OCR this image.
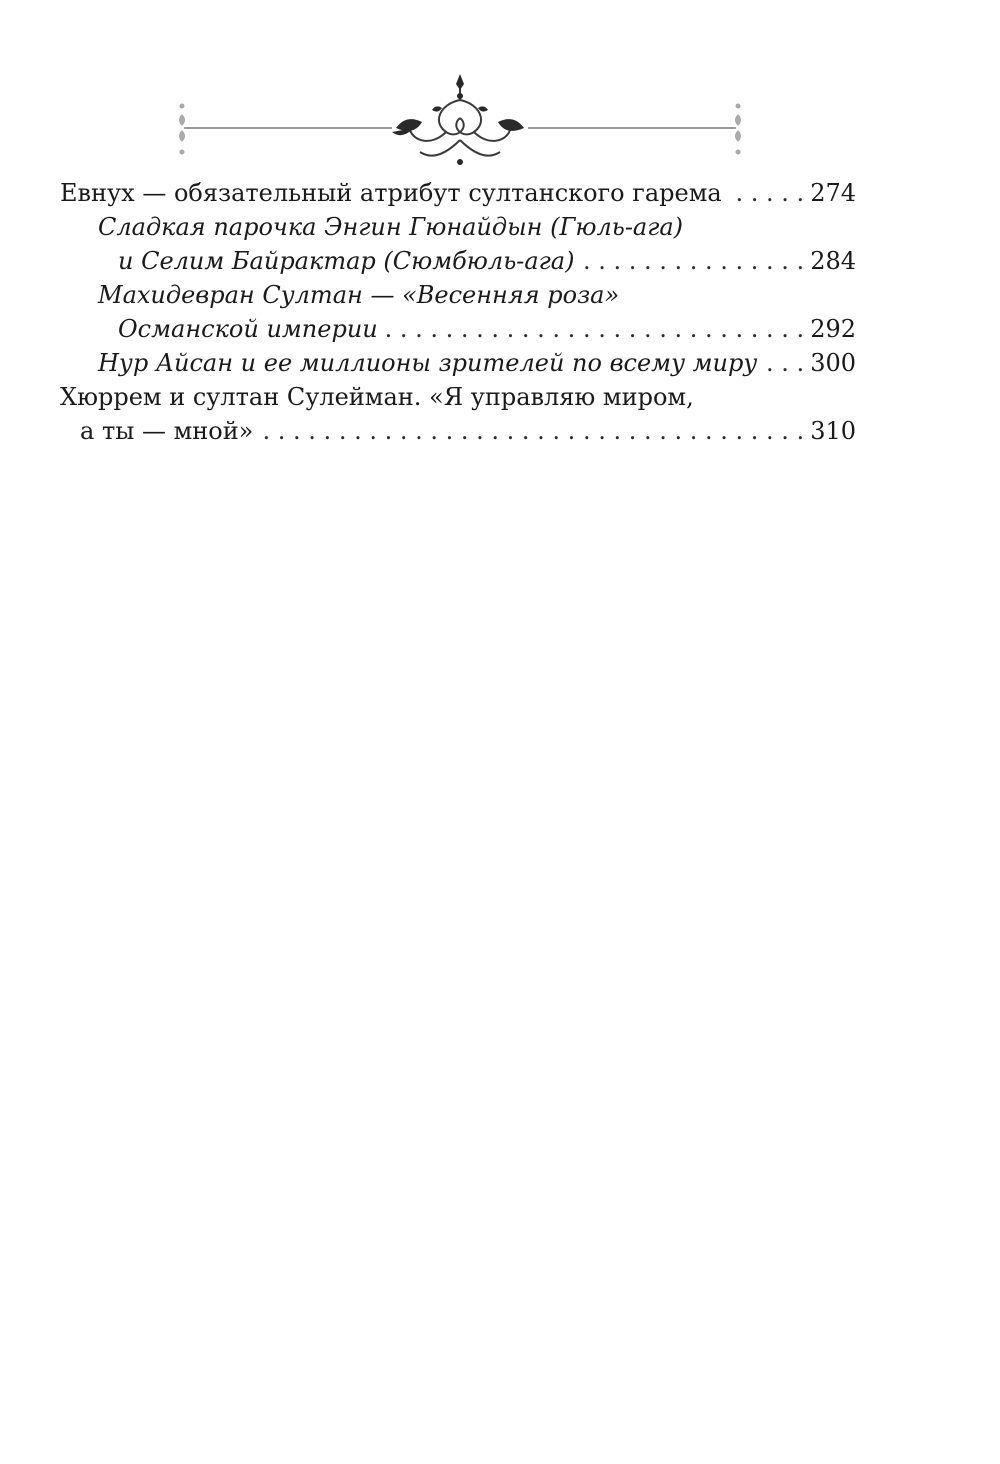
Евнух — обязательный атрибут султанского гарема . . .	274
Сладкая парочка Энгин Гюнайдын (Гюль-ага)
и Селим Байрактар (Сюмбюль-ага) . . .	284
Махидевран Султан — «Весенняя роза»
Османской империи . . .	292
Нур Айсан и ее миллионы зрителей по всему миру . . . 300
Хюррем и султан Сулейман. «Я управляю миром,
а ты — мной» . . .	310
